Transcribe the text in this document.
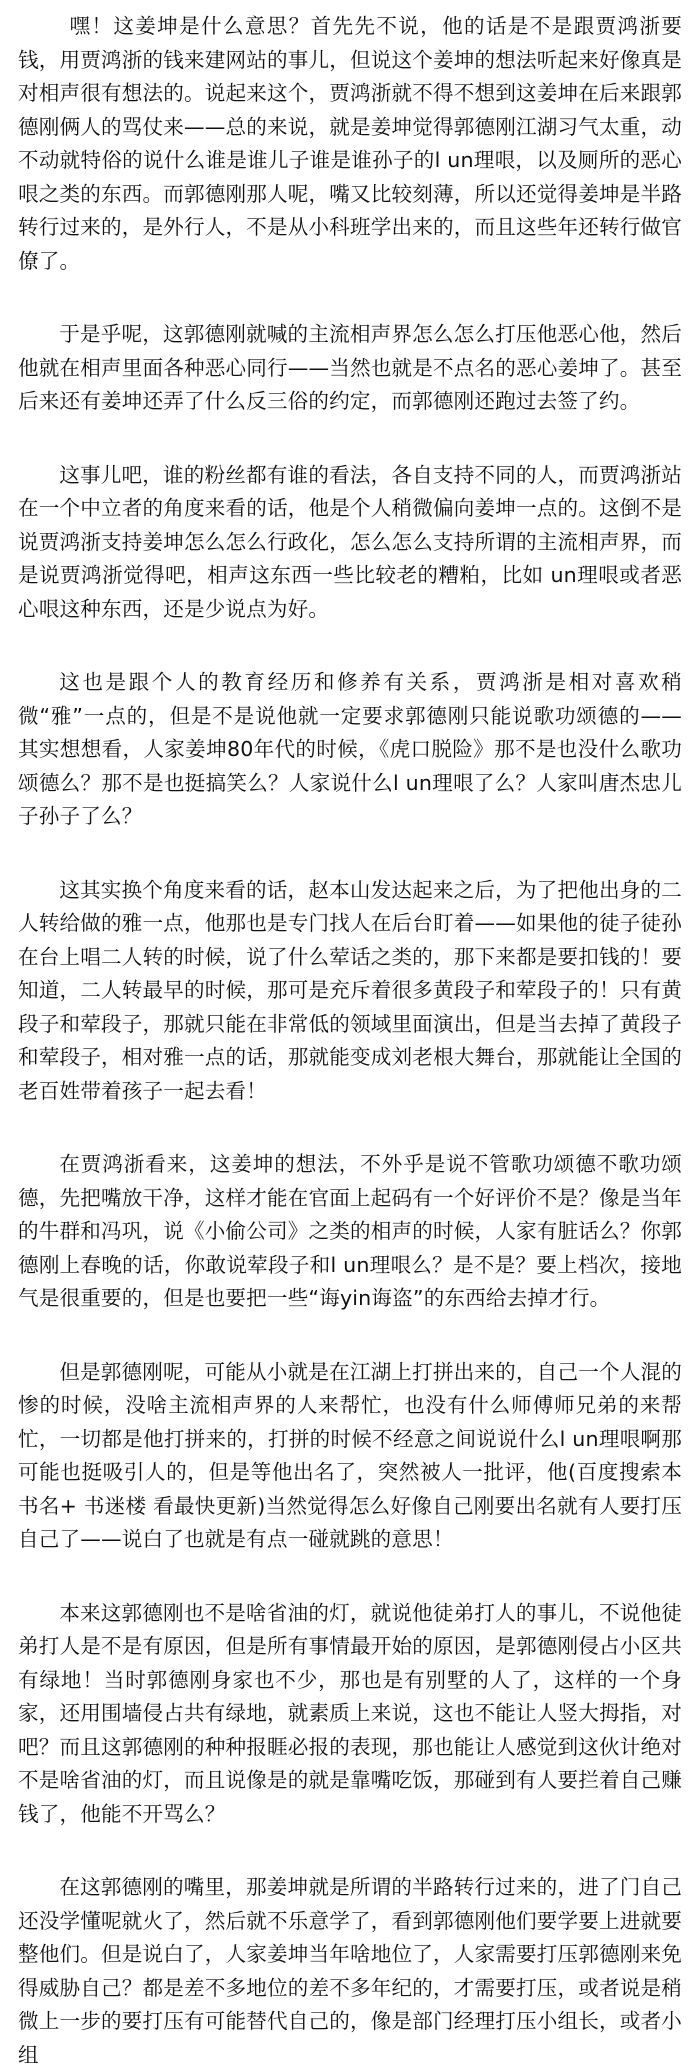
嘿！这姜坤是什么意思？首先先不说，他的话是不是跟贾鸿浙要钱，用贾鸿浙的钱来建网站的事儿，但说这个姜坤的想法听起来好像真是对相声很有想法的。说起来这个，贾鸿浙就不得不想到这姜坤在后来跟郭德刚俩人的骂仗来——总的来说，就是姜坤觉得郭德刚江湖习气太重，动不动就特俗的说什么谁是谁儿子谁是谁孙子的l un理哏，以及厕所的恶心哏之类的东西。而郭德刚那人呢，嘴又比较刻薄，所以还觉得姜坤是半路转行过来的，是外行人，不是从小科班学出来的，而且这些年还转行做官僚了。

于是乎呢，这郭德刚就喊的主流相声界怎么怎么打压他恶心他，然后他就在相声里面各种恶心同行——当然也就是不点名的恶心姜坤了。甚至后来还有姜坤还弄了什么反三俗的约定，而郭德刚还跑过去签了约。

这事儿吧，谁的粉丝都有谁的看法，各自支持不同的人，而贾鸿浙站在一个中立者的角度来看的话，他是个人稍微偏向姜坤一点的。这倒不是说贾鸿浙支持姜坤怎么怎么行政化，怎么怎么支持所谓的主流相声界，而是说贾鸿浙觉得吧，相声这东西一些比较老的糟粕，比如 un理哏或者恶心哏这种东西，还是少说点为好。

这也是跟个人的教育经历和修养有关系，贾鸿浙是相对喜欢稍微“雅”一点的，但是不是说他就一定要求郭德刚只能说歌功颂德的——其实想想看，人家姜坤80年代的时候，《虎口脱险》那不是也没什么歌功颂德么？那不是也挺搞笑么？人家说什么l un理哏了么？人家叫唐杰忠儿子孙子了么？

这其实换个角度来看的话，赵本山发达起来之后，为了把他出身的二人转给做的雅一点，他那也是专门找人在后台盯着——如果他的徒子徒孙在台上唱二人转的时候，说了什么荤话之类的，那下来都是要扣钱的！要知道，二人转最早的时候，那可是充斥着很多黄段子和荤段子的！只有黄段子和荤段子，那就只能在非常低的领域里面演出，但是当去掉了黄段子和荤段子，相对雅一点的话，那就能变成刘老根大舞台，那就能让全国的老百姓带着孩子一起去看！

在贾鸿浙看来，这姜坤的想法，不外乎是说不管歌功颂德不歌功颂德，先把嘴放干净，这样才能在官面上起码有一个好评价不是？像是当年的牛群和冯巩，说《小偷公司》之类的相声的时候，人家有脏话么？你郭德刚上春晚的话，你敢说荤段子和l un理哏么？是不是？要上档次，接地气是很重要的，但是也要把一些“诲yin诲盗”的东西给去掉才行。

但是郭德刚呢，可能从小就是在江湖上打拼出来的，自己一个人混的惨的时候，没啥主流相声界的人来帮忙，也没有什么师傅师兄弟的来帮忙，一切都是他打拼来的，打拼的时候不经意之间说说什么l un理哏啊那可能也挺吸引人的，但是等他出名了，突然被人一批评，他(百度搜索本书名+ 书迷楼 看最快更新)当然觉得怎么好像自己刚要出名就有人要打压自己了——说白了也就是有点一碰就跳的意思！

本来这郭德刚也不是啥省油的灯，就说他徒弟打人的事儿，不说他徒弟打人是不是有原因，但是所有事情最开始的原因，是郭德刚侵占小区共有绿地！当时郭德刚身家也不少，那也是有别墅的人了，这样的一个身家，还用围墙侵占共有绿地，就素质上来说，这也不能让人竖大拇指，对吧？而且这郭德刚的种种报睚必报的表现，那也能让人感觉到这伙计绝对不是啥省油的灯，而且说像是的就是靠嘴吃饭，那碰到有人要拦着自己赚钱了，他能不开骂么？

在这郭德刚的嘴里，那姜坤就是所谓的半路转行过来的，进了门自己还没学懂呢就火了，然后就不乐意学了，看到郭德刚他们要学要上进就要整他们。但是说白了，人家姜坤当年啥地位了，人家需要打压郭德刚来免得威胁自己？都是差不多地位的差不多年纪的，才需要打压，或者说是稍微上一步的要打压有可能替代自己的，像是部门经理打压小组长，或者小组
